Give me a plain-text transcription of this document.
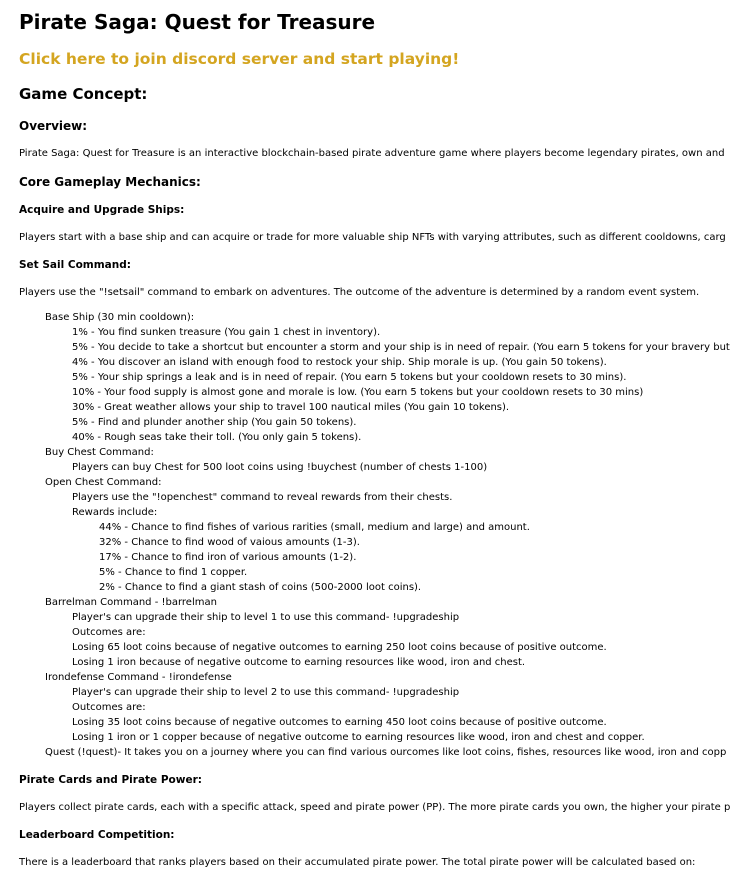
Pirate Saga: Quest for Treasure
Click here to join discord server and start playing!
Game Concept:
Overview:

Pirate Saga: Quest for Treasure is an interactive blockchain-based pirate adventure game where players become legendary pirates, own and

Core Gameplay Mechanics:
Acquire and Upgrade Ships:

Players start with a base ship and can acquire or trade for more valuable ship NFTs with varying attributes, such as different cooldowns, carg

Set Sail Command:

Players use the "!setsail" command to embark on adventures. The outcome of the adventure is determined by a random event system.

Base Ship (30 min cooldown):
1% - You find sunken treasure (You gain 1 chest in inventory).
5% - You decide to take a shortcut but encounter a storm and your ship is in need of repair. (You earn 5 tokens for your bravery but
4% - You discover an island with enough food to restock your ship. Ship morale is up. (You gain 50 tokens).
5% - Your ship springs a leak and is in need of repair. (You earn 5 tokens but your cooldown resets to 30 mins).
10% - Your food supply is almost gone and morale is low. (You earn 5 tokens but your cooldown resets to 30 mins)
30% - Great weather allows your ship to travel 100 nautical miles (You gain 10 tokens).
5% - Find and plunder another ship (You gain 50 tokens).
40% - Rough seas take their toll. (You only gain 5 tokens).
Buy Chest Command:
Players can buy Chest for 500 loot coins using !buychest (number of chests 1-100)
Open Chest Command:
Players use the "!openchest" command to reveal rewards from their chests.
Rewards include:
44% - Chance to find fishes of various rarities (small, medium and large) and amount.
32% - Chance to find wood of vaious amounts (1-3).
17% - Chance to find iron of various amounts (1-2).
5% - Chance to find 1 copper.
2% - Chance to find a giant stash of coins (500-2000 loot coins).
Barrelman Command - !barrelman
Player's can upgrade their ship to level 1 to use this command- !upgradeship
Outcomes are:
Losing 65 loot coins because of negative outcomes to earning 250 loot coins because of positive outcome.
Losing 1 iron because of negative outcome to earning resources like wood, iron and chest.
Irondefense Command - !irondefense
Player's can upgrade their ship to level 2 to use this command- !upgradeship
Outcomes are:
Losing 35 loot coins because of negative outcomes to earning 450 loot coins because of positive outcome.
Losing 1 iron or 1 copper because of negative outcome to earning resources like wood, iron and chest and copper.
Quest (!quest)- It takes you on a journey where you can find various ourcomes like loot coins, fishes, resources like wood, iron and copp
Pirate Cards and Pirate Power:

Players collect pirate cards, each with a specific attack, speed and pirate power (PP). The more pirate cards you own, the higher your pirate p

Leaderboard Competition:

There is a leaderboard that ranks players based on their accumulated pirate power. The total pirate power will be calculated based on:
